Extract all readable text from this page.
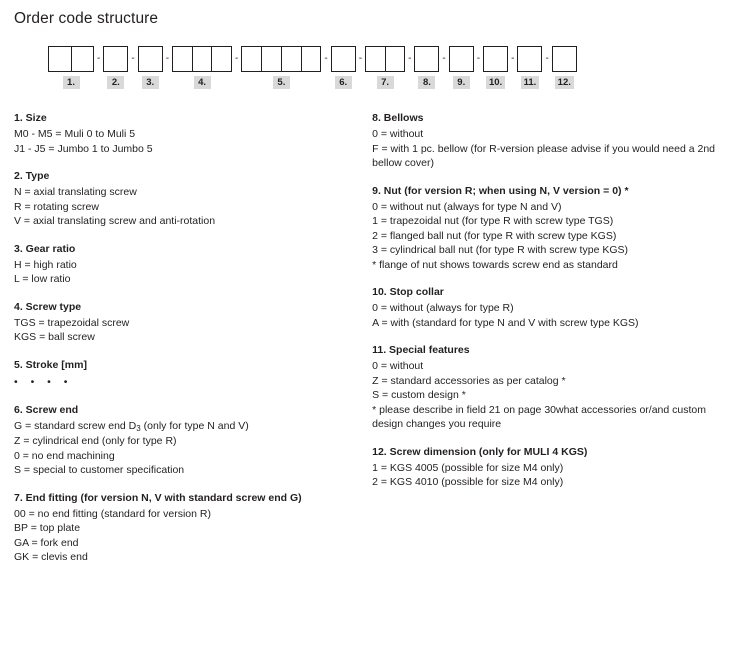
Order code structure
1.
-
2.
-
3.
-
4.
-
5.
-
6.
-
7.
-
8.
-
9.
-
10.
-
11.
-
12.
1. Size
M0 - M5 = Muli 0 to Muli 5
J1 - J5 = Jumbo 1 to Jumbo 5
2. Type
N = axial translating screw
R = rotating screw
V = axial translating screw and anti-rotation
3. Gear ratio
H = high ratio
L = low ratio
4. Screw type
TGS = trapezoidal screw
KGS = ball screw
5. Stroke [mm]
• • • •
6. Screw end
G = standard screw end $D_3$ (only for type N and V)
Z = cylindrical end (only for type R)
0 = no end machining
S = special to customer specification
7. End fitting (for version N, V with standard screw end G)
00 = no end fitting (standard for version R)
BP = top plate
GA = fork end
GK = clevis end
8. Bellows
0 = without
F = with 1 pc. bellow (for R-version please advise if you would need a 2nd
bellow cover)
9. Nut (for version R; when using N, V version = 0) *
0 = without nut (always for type N and V)
1 = trapezoidal nut (for type R with screw type TGS)
2 = flanged ball nut (for type R with screw type KGS)
3 = cylindrical ball nut (for type R with screw type KGS)
* flange of nut shows towards screw end as standard
10. Stop collar
0 = without (always for type R)
A = with (standard for type N and V with screw type KGS)
11. Special features
0 = without
Z = standard accessories as per catalog *
S = custom design *
* please describe in field 21 on page 30what accessories or/and custom
design changes you require
12. Screw dimension (only for MULI 4 KGS)
1 = KGS 4005 (possible for size M4 only)
2 = KGS 4010 (possible for size M4 only)
